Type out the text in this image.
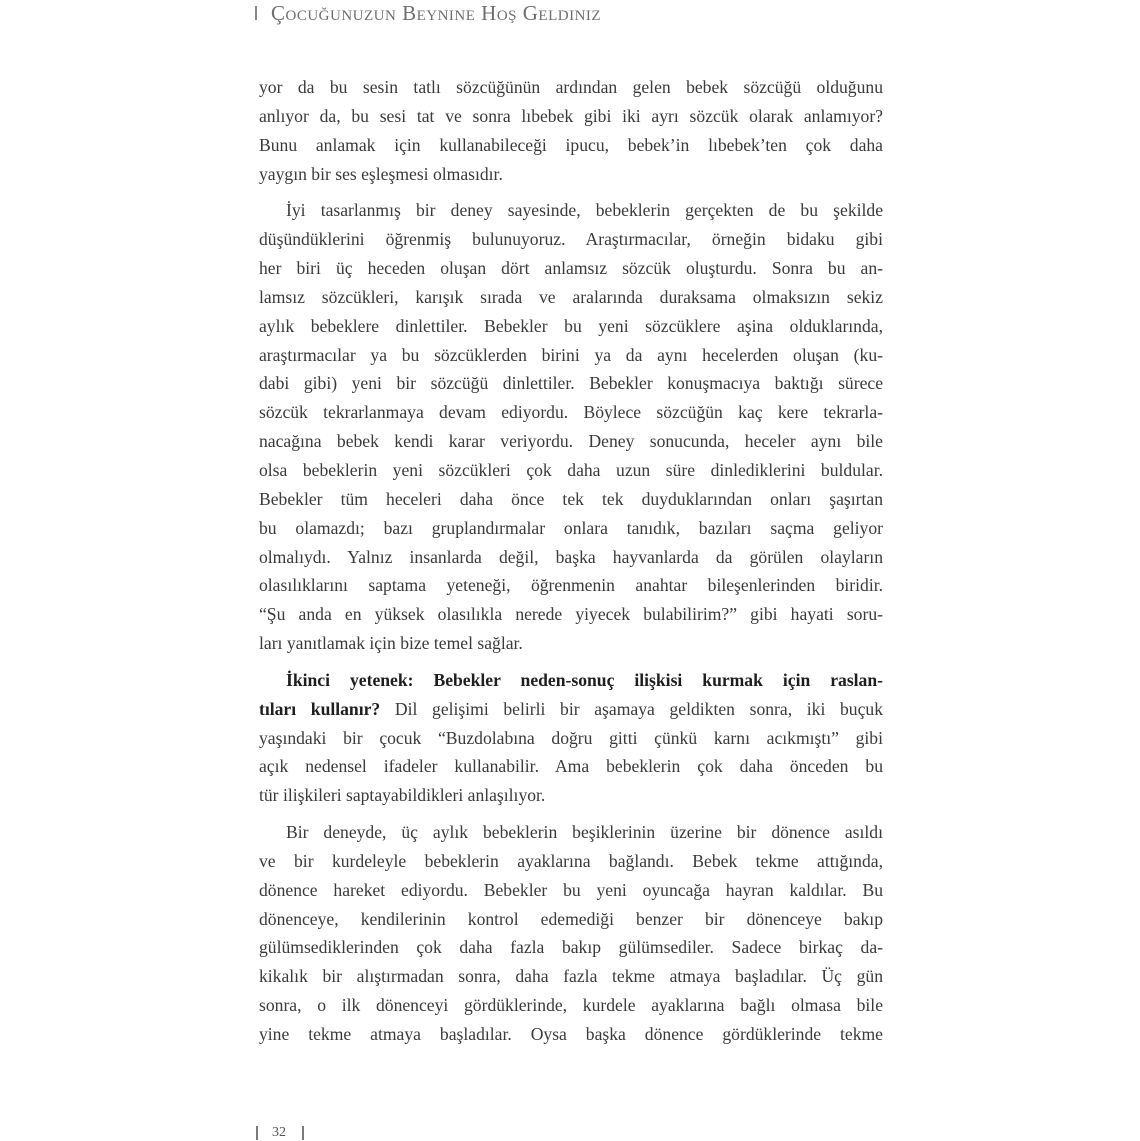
Çocuğunuzun Beynine Hoş Geldiniz
yor da bu sesin tatlı sözcüğünün ardından gelen bebek sözcüğü olduğunu
anlıyor da, bu sesi tat ve sonra lıbebek gibi iki ayrı sözcük olarak anlamıyor?
Bunu anlamak için kullanabileceği ipucu, bebek’in lıbebek’ten çok daha
yaygın bir ses eşleşmesi olmasıdır.
İyi tasarlanmış bir deney sayesinde, bebeklerin gerçekten de bu şekilde
düşündüklerini öğrenmiş bulunuyoruz. Araştırmacılar, örneğin bidaku gibi
her biri üç heceden oluşan dört anlamsız sözcük oluşturdu. Sonra bu an-
lamsız sözcükleri, karışık sırada ve aralarında duraksama olmaksızın sekiz
aylık bebeklere dinlettiler. Bebekler bu yeni sözcüklere aşina olduklarında,
araştırmacılar ya bu sözcüklerden birini ya da aynı hecelerden oluşan (ku-
dabi gibi) yeni bir sözcüğü dinlettiler. Bebekler konuşmacıya baktığı sürece
sözcük tekrarlanmaya devam ediyordu. Böylece sözcüğün kaç kere tekrarla-
nacağına bebek kendi karar veriyordu. Deney sonucunda, heceler aynı bile
olsa bebeklerin yeni sözcükleri çok daha uzun süre dinlediklerini buldular.
Bebekler tüm heceleri daha önce tek tek duyduklarından onları şaşırtan
bu olamazdı; bazı gruplandırmalar onlara tanıdık, bazıları saçma geliyor
olmalıydı. Yalnız insanlarda değil, başka hayvanlarda da görülen olayların
olasılıklarını saptama yeteneği, öğrenmenin anahtar bileşenlerinden biridir.
“Şu anda en yüksek olasılıkla nerede yiyecek bulabilirim?” gibi hayati soru-
ları yanıtlamak için bize temel sağlar.
İkinci yetenek: Bebekler neden-sonuç ilişkisi kurmak için raslan-
tıları kullanır? Dil gelişimi belirli bir aşamaya geldikten sonra, iki buçuk
yaşındaki bir çocuk “Buzdolabına doğru gitti çünkü karnı acıkmıştı” gibi
açık nedensel ifadeler kullanabilir. Ama bebeklerin çok daha önceden bu
tür ilişkileri saptayabildikleri anlaşılıyor.
Bir deneyde, üç aylık bebeklerin beşiklerinin üzerine bir dönence asıldı
ve bir kurdeleyle bebeklerin ayaklarına bağlandı. Bebek tekme attığında,
dönence hareket ediyordu. Bebekler bu yeni oyuncağa hayran kaldılar. Bu
dönenceye, kendilerinin kontrol edemediği benzer bir dönenceye bakıp
gülümsediklerinden çok daha fazla bakıp gülümsediler. Sadece birkaç da-
kikalık bir alıştırmadan sonra, daha fazla tekme atmaya başladılar. Üç gün
sonra, o ilk dönenceyi gördüklerinde, kurdele ayaklarına bağlı olmasa bile
yine tekme atmaya başladılar. Oysa başka dönence gördüklerinde tekme
32
